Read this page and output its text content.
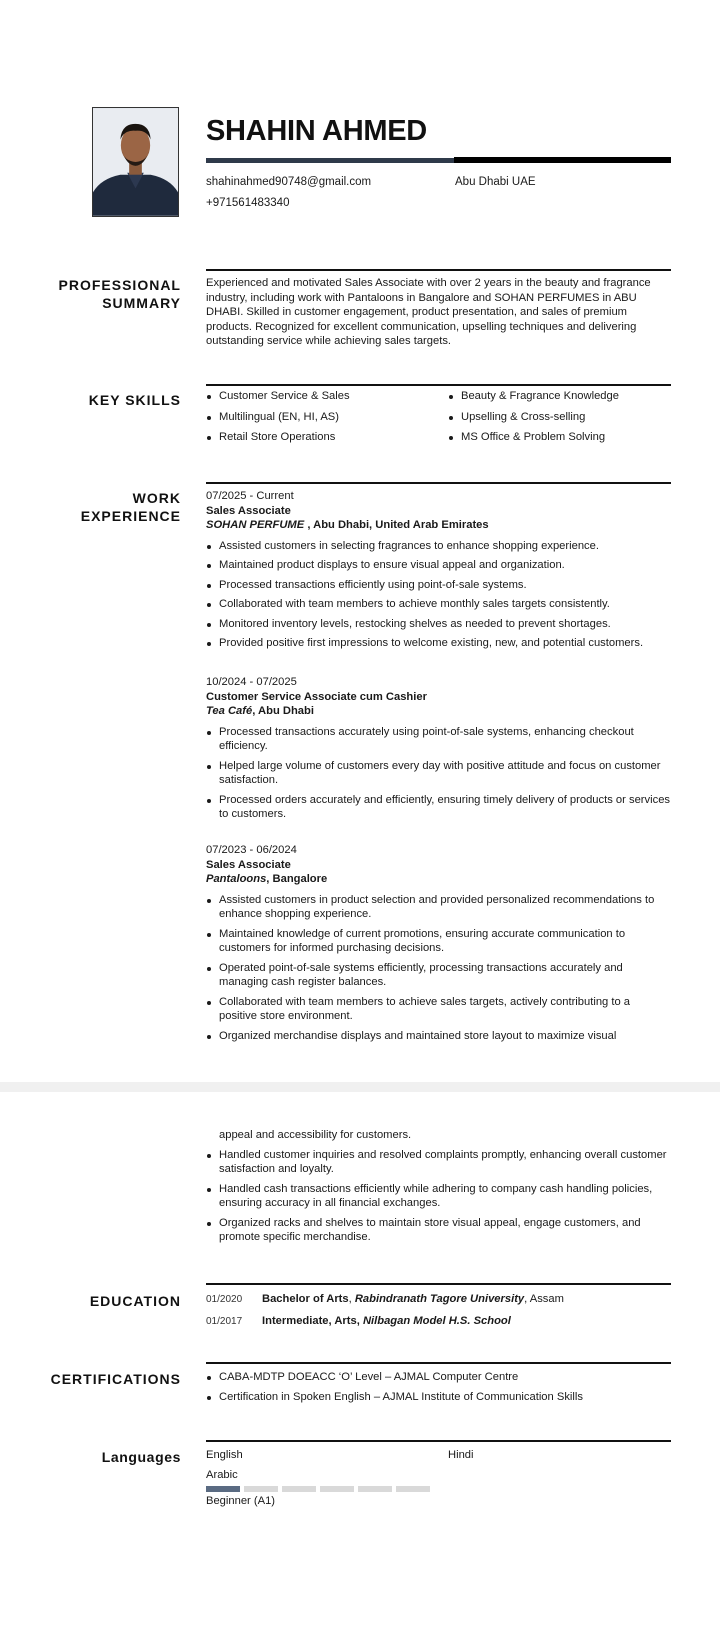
SHAHIN AHMED
shahinahmed90748@gmail.com	Abu Dhabi UAE
+971561483340
PROFESSIONAL
SUMMARY
Experienced and motivated Sales Associate with over 2 years in the beauty and fragrance industry, including work with Pantaloons in Bangalore and SOHAN PERFUMES in ABU DHABI. Skilled in customer engagement, product presentation, and sales of premium products. Recognized for excellent communication, upselling techniques and delivering outstanding service while achieving sales targets.
KEY SKILLS	Customer Service & Sales
Multilingual (EN, HI, AS)
Retail Store Operations
Beauty & Fragrance Knowledge
Upselling & Cross-selling
MS Office & Problem Solving
WORK
EXPERIENCE
07/2025 - Current
Sales Associate
SOHAN PERFUME , Abu Dhabi, United Arab Emirates
Assisted customers in selecting fragrances to enhance shopping experience.
Maintained product displays to ensure visual appeal and organization.
Processed transactions efficiently using point-of-sale systems.
Collaborated with team members to achieve monthly sales targets consistently.
Monitored inventory levels, restocking shelves as needed to prevent shortages.
Provided positive first impressions to welcome existing, new, and potential customers.
10/2024 - 07/2025
Customer Service Associate cum Cashier
Tea Café, Abu Dhabi
Processed transactions accurately using point-of-sale systems, enhancing checkout efficiency.
Helped large volume of customers every day with positive attitude and focus on customer satisfaction.
Processed orders accurately and efficiently, ensuring timely delivery of products or services to customers.
07/2023 - 06/2024
Sales Associate
Pantaloons, Bangalore
Assisted customers in product selection and provided personalized recommendations to enhance shopping experience.
Maintained knowledge of current promotions, ensuring accurate communication to customers for informed purchasing decisions.
Operated point-of-sale systems efficiently, processing transactions accurately and managing cash register balances.
Collaborated with team members to achieve sales targets, actively contributing to a positive store environment.
Organized merchandise displays and maintained store layout to maximize visual
appeal and accessibility for customers.
Handled customer inquiries and resolved complaints promptly, enhancing overall customer satisfaction and loyalty.
Handled cash transactions efficiently while adhering to company cash handling policies, ensuring accuracy in all financial exchanges.
Organized racks and shelves to maintain store visual appeal, engage customers, and promote specific merchandise.
EDUCATION	01/2020 Bachelor of Arts, Rabindranath Tagore University, Assam
01/2017 Intermediate, Arts, Nilbagan Model H.S. School
CERTIFICATIONS	CABA-MDTP DOEACC ‘O’ Level – AJMAL Computer Centre
Certification in Spoken English – AJMAL Institute of Communication Skills
Languages English	Hindi
Arabic
Beginner (A1)
